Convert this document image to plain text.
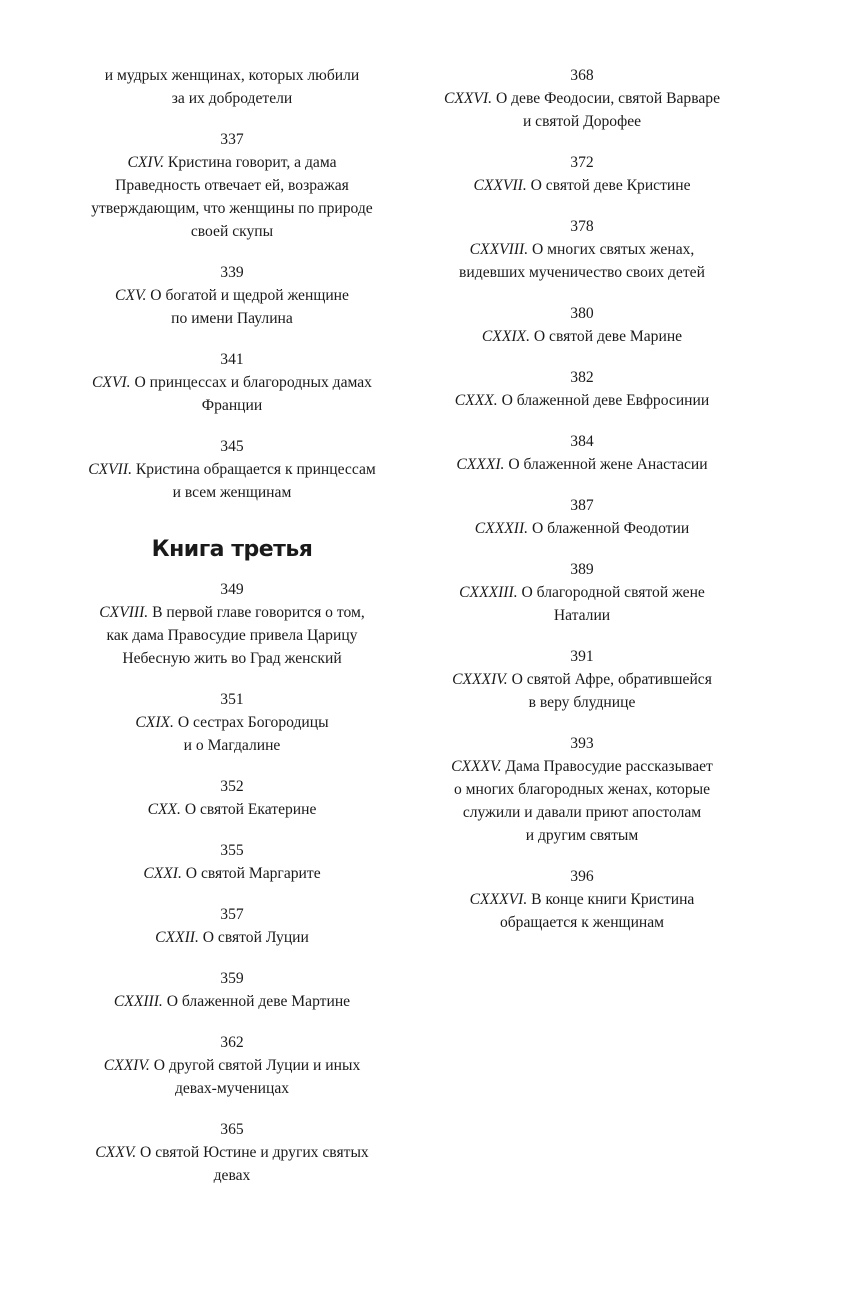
и мудрых женщинах, которых любили
за их добродетели
337
CXIV. Кристина говорит, а дама
Праведность отвечает ей, возражая
утверждающим, что женщины по природе
своей скупы
339
CXV. О богатой и щедрой женщине
по имени Паулина
341
CXVI. О принцессах и благородных дамах
Франции
345
CXVII. Кристина обращается к принцессам
и всем женщинам
Книга третья
349
CXVIII. В первой главе говорится о том,
как дама Правосудие привела Царицу
Небесную жить во Град женский
351
CXIX. О сестрах Богородицы
и о Магдалине
352
CXX. О святой Екатерине
355
CXXI. О святой Маргарите
357
CXXII. О святой Луции
359
CXXIII. О блаженной деве Мартине
362
CXXIV. О другой святой Луции и иных
девах-мученицах
365
CXXV. О святой Юстине и других святых
девах
368
CXXVI. О деве Феодосии, святой Варваре
и святой Дорофее
372
CXXVII. О святой деве Кристине
378
CXXVIII. О многих святых женах,
видевших мученичество своих детей
380
CXXIX. О святой деве Марине
382
CXXX. О блаженной деве Евфросинии
384
CXXXI. О блаженной жене Анастасии
387
CXXXII. О блаженной Феодотии
389
CXXXIII. О благородной святой жене
Наталии
391
CXXXIV. О святой Афре, обратившейся
в веру блуднице
393
CXXXV. Дама Правосудие рассказывает
о многих благородных женах, которые
служили и давали приют апостолам
и другим святым
396
CXXXVI. В конце книги Кристина
обращается к женщинам
